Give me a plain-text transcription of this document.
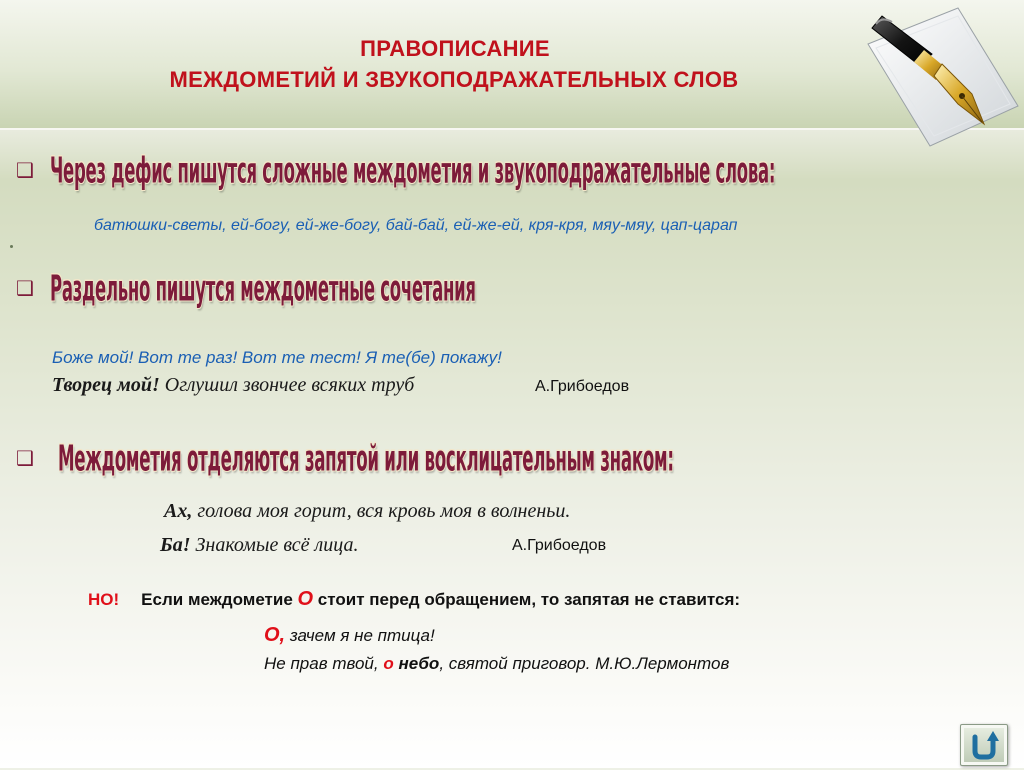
ПРАВОПИСАНИЕ
МЕЖДОМЕТИЙ И ЗВУКОПОДРАЖАТЕЛЬНЫХ СЛОВ
❑ Через дефис пишутся сложные междометия и звукоподражательные слова:
батюшки-светы, ей-богу, ей-же-богу, бай-бай, ей-же-ей, кря-кря, мяу-мяу, цап-царап
❑ Раздельно пишутся междометные сочетания
Боже мой! Вот те раз! Вот те тест! Я те(бе) покажу!
Творец мой! Оглушил звончее всяких труб	А.Грибоедов
❑ Междометия отделяются запятой или восклицательным знаком:
Ах, голова моя горит, вся кровь моя в волненьи.
Ба! Знакомые всё лица.	А.Грибоедов
НО! Если междометие О стоит перед обращением, то запятая не ставится:
О, зачем я не птица!
Не прав твой, о небо, святой приговор. М.Ю.Лермонтов
